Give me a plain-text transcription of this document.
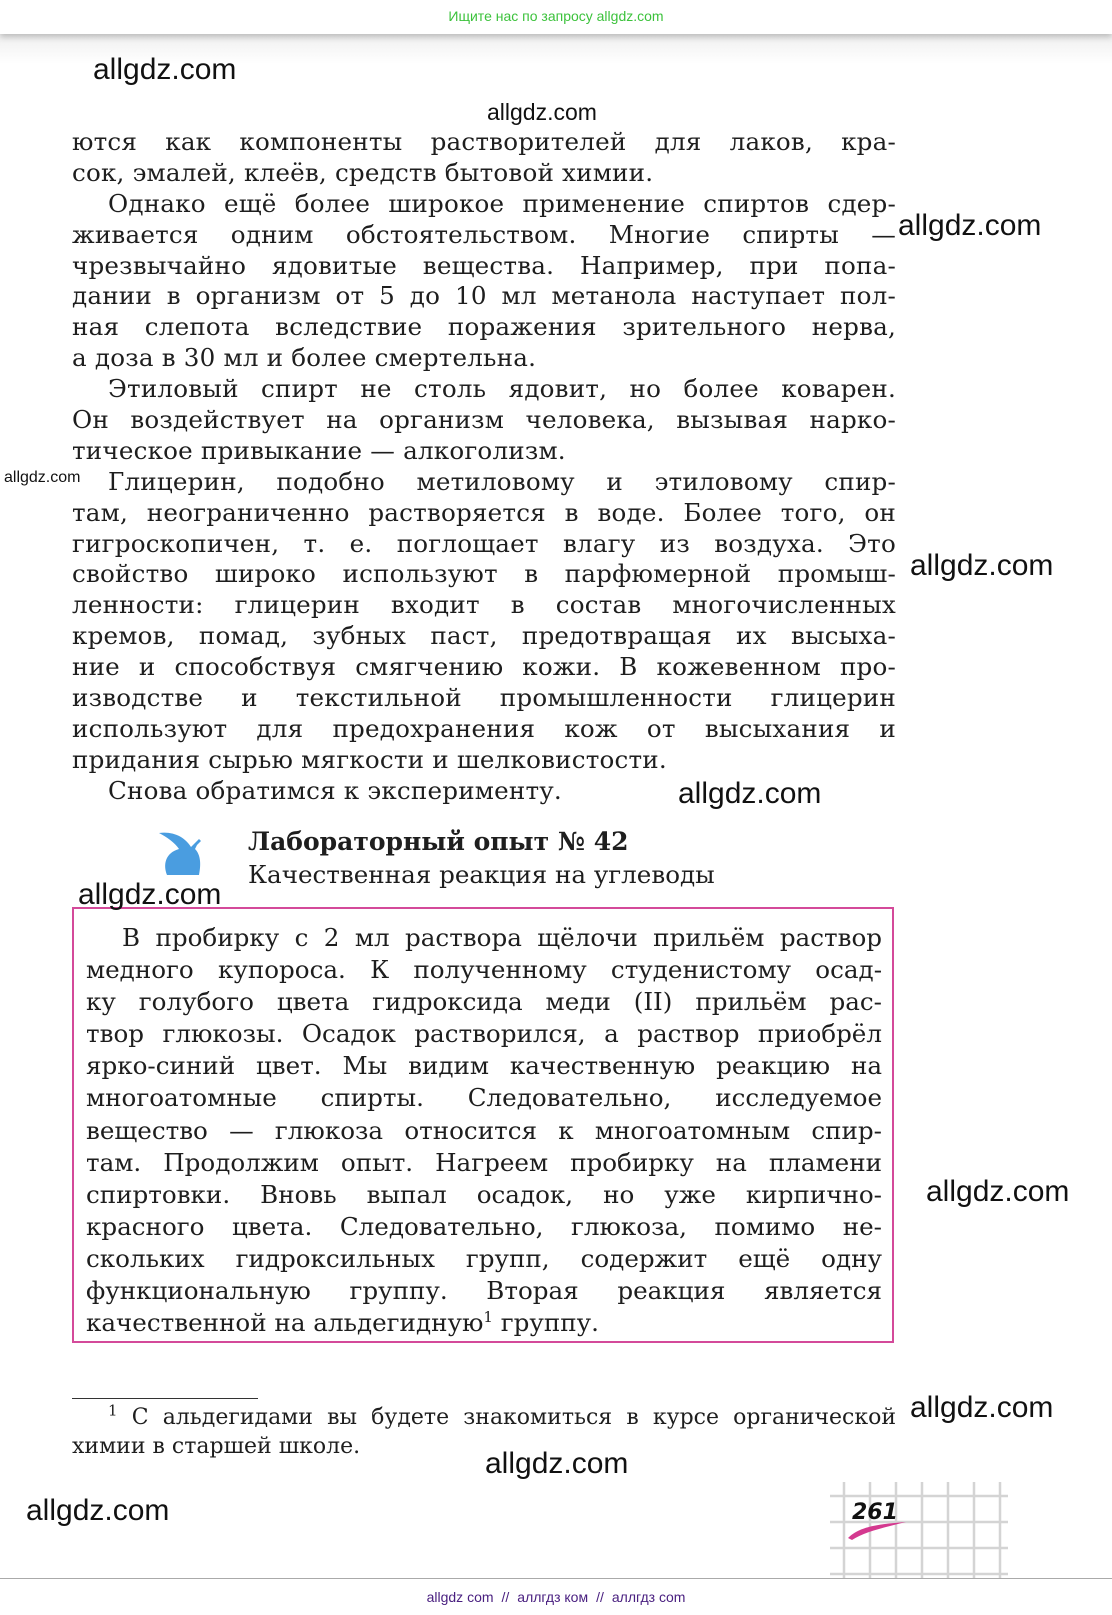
Ищите нас по запросу allgdz.com
ются как компоненты растворителей для лаков, кра-
сок, эмалей, клеёв, средств бытовой химии.
Однако ещё более широкое применение спиртов сдер-
живается одним обстоятельством. Многие спирты —
чрезвычайно ядовитые вещества. Например, при попа-
дании в организм от 5 до 10 мл метанола наступает пол-
ная слепота вследствие поражения зрительного нерва,
а доза в 30 мл и более смертельна.
Этиловый спирт не столь ядовит, но более коварен.
Он воздействует на организм человека, вызывая нарко-
тическое привыкание — алкоголизм.
Глицерин, подобно метиловому и этиловому спир-
там, неограниченно растворяется в воде. Более того, он
гигроскопичен, т. е. поглощает влагу из воздуха. Это
свойство широко используют в парфюмерной промыш-
ленности: глицерин входит в состав многочисленных
кремов, помад, зубных паст, предотвращая их высыха-
ние и способствуя смягчению кожи. В кожевенном про-
изводстве и текстильной промышленности глицерин
используют для предохранения кож от высыхания и
придания сырью мягкости и шелковистости.
Снова обратимся к эксперименту.
Лабораторный опыт № 42
Качественная реакция на углеводы
В пробирку с 2 мл раствора щёлочи прильём раствор
медного купороса. К полученному студенистому осад-
ку голубого цвета гидроксида меди (II) прильём рас-
твор глюкозы. Осадок растворился, а раствор приобрёл
ярко-синий цвет. Мы видим качественную реакцию на
многоатомные спирты. Следовательно, исследуемое
вещество — глюкоза относится к многоатомным спир-
там. Продолжим опыт. Нагреем пробирку на пламени
спиртовки. Вновь выпал осадок, но уже кирпично-
красного цвета. Следовательно, глюкоза, помимо не-
скольких гидроксильных групп, содержит ещё одну
функциональную группу. Вторая реакция является
качественной на альдегидную$^1$ группу.
$^1$ С альдегидами вы будете знакомиться в курсе органической
химии в старшей школе.
261
allgdz.com
allgdz.com
allgdz.com
allgdz.com
allgdz.com
allgdz.com
allgdz.com
allgdz.com
allgdz.com
allgdz.com
allgdz.com
allgdz com // аллгдз ком // аллгдз com
